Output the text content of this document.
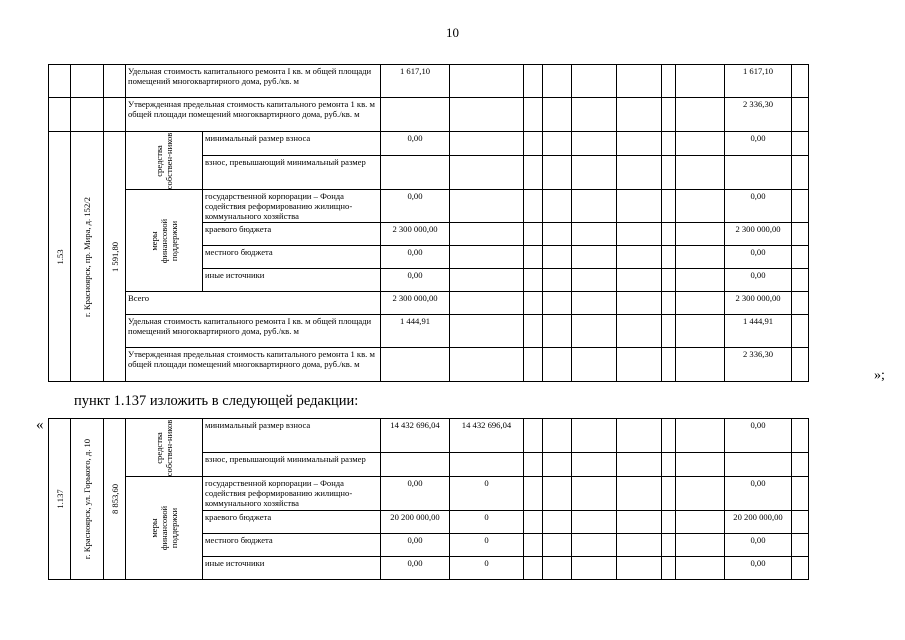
10
			Удельная стоимость капитального ремонта I кв. м общей площади помещений многоквартирного дома, руб./кв. м		1 617,10								1 617,10	
			Утвержденная предельная стоимость капитального ремонта 1 кв. м общей площади помещений многоквартирного дома, руб./кв. м										2 336,30	

1.53	г. Красноярск, пр. Мира, д. 152/2	1 591,80	средства собствен-ников	минимальный размер взноса	0,00								0,00	
				взнос, превышающий минимальный размер										

			меры финансовой поддержки	государственной корпорации – Фонда содействия реформированию жилищно-коммунального хозяйства	0,00								0,00	
				краевого бюджета	2 300 000,00								2 300 000,00	
				местного бюджета	0,00								0,00	
				иные источники	0,00								0,00	
			Всего		2 300 000,00								2 300 000,00	
			Удельная стоимость капитального ремонта I кв. м общей площади помещений многоквартирного дома, руб./кв. м		1 444,91								1 444,91	
			Утвержденная предельная стоимость капитального ремонта 1 кв. м общей площади помещений многоквартирного дома, руб./кв. м										2 336,30	
»;
пункт 1.137 изложить в следующей редакции:
«
1.137	г. Красноярск, ул. Горького, д. 10	8 853,60	средства собствен-ников	минимальный размер взноса	14 432 696,04	14 432 696,04							0,00	
				взнос, превышающий минимальный размер										

			меры финансовой поддержки	государственной корпорации – Фонда содействия реформированию жилищно-коммунального хозяйства	0,00	0							0,00	
				краевого бюджета	20 200 000,00	0							20 200 000,00	
				местного бюджета	0,00	0							0,00	
				иные источники	0,00	0							0,00	
